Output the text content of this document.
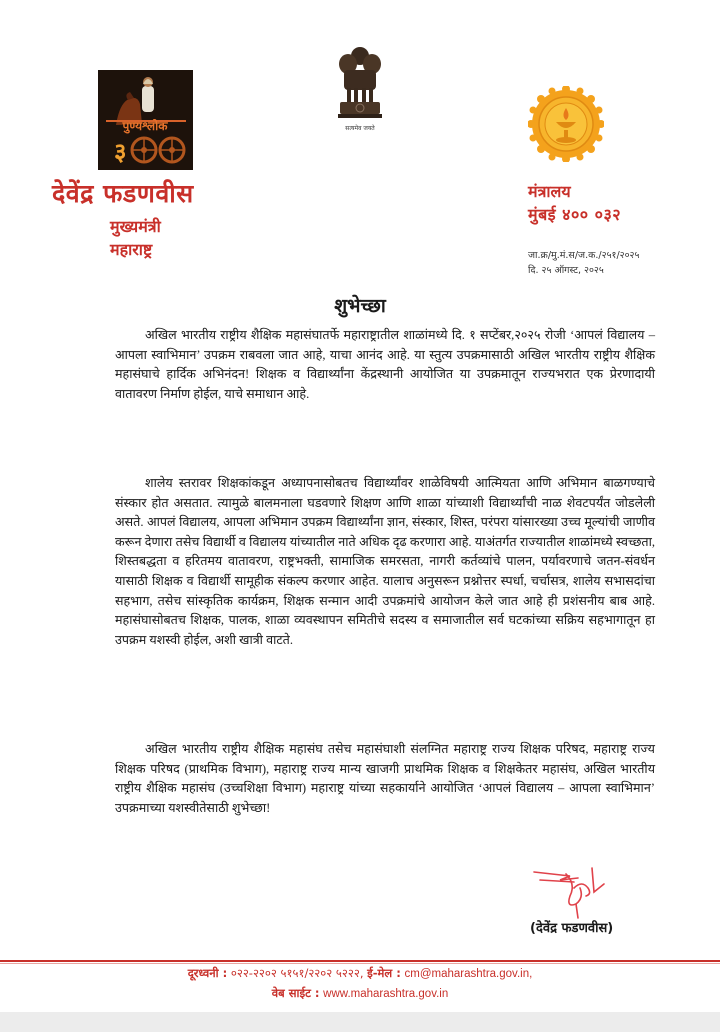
पुण्यश्लोक
३
सत्यमेव जयते
देवेंद्र फडणवीस
मुख्यमंत्री
महाराष्ट्र
मंत्रालय
मुंबई ४०० ०३२
जा.क्र/मु.मं.स/ज.क./२५१/२०२५
दि. २५ ऑगस्ट, २०२५
शुभेच्छा

अखिल भारतीय राष्ट्रीय शैक्षिक महासंघातर्फे महाराष्ट्रातील शाळांमध्ये दि. १ सप्टेंबर,२०२५ रोजी ‘आपलं विद्यालय – आपला स्वाभिमान’ उपक्रम राबवला जात आहे, याचा आनंद आहे. या स्तुत्य उपक्रमासाठी अखिल भारतीय राष्ट्रीय शैक्षिक महासंघाचे हार्दिक अभिनंदन! शिक्षक व विद्यार्थ्यांना केंद्रस्थानी आयोजित या उपक्रमातून राज्यभरात एक प्रेरणादायी वातावरण निर्माण होईल, याचे समाधान आहे.

शालेय स्तरावर शिक्षकांकडून अध्यापनासोबतच विद्यार्थ्यांवर शाळेविषयी आत्मियता आणि अभिमान बाळगण्याचे संस्कार होत असतात. त्यामुळे बालमनाला घडवणारे शिक्षण आणि शाळा यांच्याशी विद्यार्थ्यांची नाळ शेवटपर्यंत जोडलेली असते. आपलं विद्यालय, आपला अभिमान उपक्रम विद्यार्थ्यांना ज्ञान, संस्कार, शिस्त, परंपरा यांसारख्या उच्च मूल्यांची जाणीव करून देणारा तसेच विद्यार्थी व विद्यालय यांच्यातील नाते अधिक दृढ करणारा आहे. याअंतर्गत राज्यातील शाळांमध्ये स्वच्छता, शिस्तबद्धता व हरितमय वातावरण, राष्ट्रभक्ती, सामाजिक समरसता, नागरी कर्तव्यांचे पालन, पर्यावरणाचे जतन-संवर्धन यासाठी शिक्षक व विद्यार्थी सामूहीक संकल्प करणार आहेत. यालाच अनुसरून प्रश्नोत्तर स्पर्धा, चर्चासत्र, शालेय सभासदांचा सहभाग, तसेच सांस्कृतिक कार्यक्रम, शिक्षक सन्मान आदी उपक्रमांचे आयोजन केले जात आहे ही प्रशंसनीय बाब आहे. महासंघासोबतच शिक्षक, पालक, शाळा व्यवस्थापन समितीचे सदस्य व समाजातील सर्व घटकांच्या सक्रिय सहभागातून हा उपक्रम यशस्वी होईल, अशी खात्री वाटते.

अखिल भारतीय राष्ट्रीय शैक्षिक महासंघ तसेच महासंघाशी संलग्नित महाराष्ट्र राज्य शिक्षक परिषद, महाराष्ट्र राज्य शिक्षक परिषद (प्राथमिक विभाग), महाराष्ट्र राज्य मान्य खाजगी प्राथमिक शिक्षक व शिक्षकेतर महासंघ, अखिल भारतीय राष्ट्रीय शैक्षिक महासंघ (उच्चशिक्षा विभाग) महाराष्ट्र यांच्या सहकार्याने आयोजित ‘आपलं विद्यालय – आपला स्वाभिमान’ उपक्रमाच्या यशस्वीतेसाठी शुभेच्छा!

(देवेंद्र फडणवीस)
दूरध्वनी : ०२२-२२०२ ५१५१/२२०२ ५२२२, ई-मेल : cm@maharashtra.gov.in,
वेब साईट : www.maharashtra.gov.in
